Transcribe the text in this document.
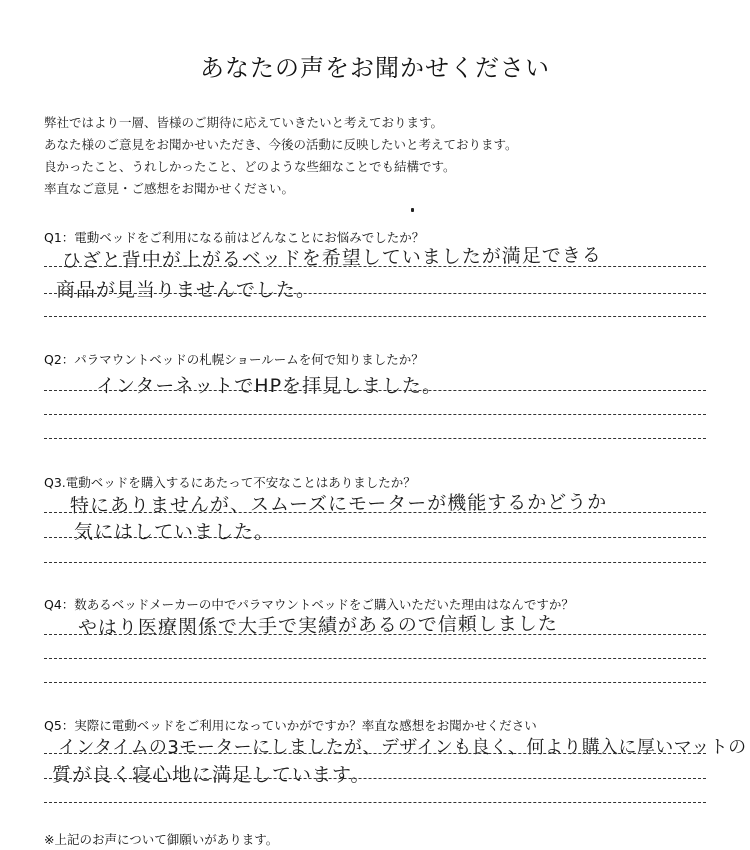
あなたの声をお聞かせください
弊社ではより一層、皆様のご期待に応えていきたいと考えております。
あなた様のご意見をお聞かせいただき、今後の活動に反映したいと考えております。
良かったこと、うれしかったこと、どのような些細なことでも結構です。
率直なご意見・ご感想をお聞かせください。
Q1：電動ベッドをご利用になる前はどんなことにお悩みでしたか？
ひざと背中が上がるベッドを希望していましたが満足できる
商品が見当りませんでした。
Q2：パラマウントベッドの札幌ショールームを何で知りましたか？
インターネットでHPを拝見しました。
Q3.電動ベッドを購入するにあたって不安なことはありましたか？
特にありませんが、スムーズにモーターが機能するかどうか
気にはしていました。
Q4：数あるベッドメーカーの中でパラマウントベッドをご購入いただいた理由はなんですか？
やはり医療関係で大手で実績があるので信頼しました
Q5：実際に電動ベッドをご利用になっていかがですか？率直な感想をお聞かせください
インタイムの3モーターにしましたが、デザインも良く、何より購入に厚いマットの
質が良く寝心地に満足しています。
※上記のお声について御願いがあります。
